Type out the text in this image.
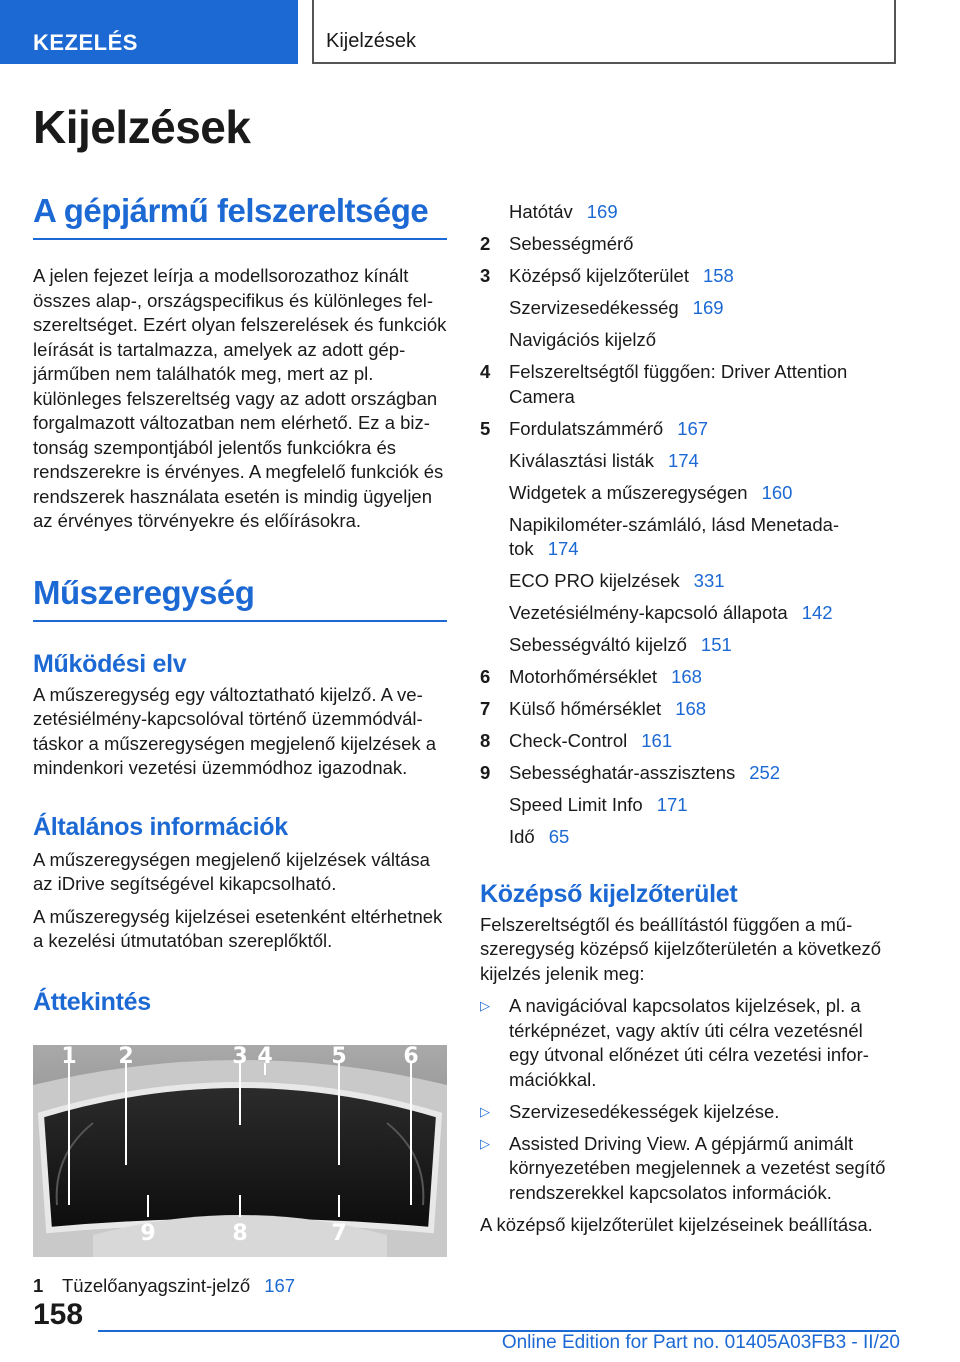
KEZELÉS	Kijelzések
Kijelzések
A gépjármű felszereltsége

A jelen fejezet leírja a modellsorozathoz kínált összes alap-, országspecifikus és különleges felszereltséget. Ezért olyan felszerelések és funkciók leírását is tartalmazza, amelyek az adott gépjárműben nem találhatók meg, mert az pl. különleges felszereltség vagy az adott országban forgalmazott változatban nem elérhető. Ez a biztonság szempontjából jelentős funkciókra és rendszerekre is érvényes. A megfelelő funkciók és rendszerek használata esetén is mindig ügyeljen az érvényes törvényekre és előírásokra.

Műszeregység
Működési elv

A műszeregység egy változtatható kijelző. A vezetésiélmény-kapcsolóval történő üzemmódváltáskor a műszeregységen megjelenő kijelzések a mindenkori vezetési üzemmódhoz igazodnak.

Általános információk

A műszeregységen megjelenő kijelzések váltása az iDrive segítségével kikapcsolható.

A műszeregység kijelzései esetenként eltérhetnek a kezelési útmutatóban szereplőktől.

Áttekintés
1 2	3 4	5	6
7
8
9
1	Tüzelőanyagszint-jelző 167
Hatótáv 169
2	Sebességmérő
3	Középső kijelzőterület 158
Szervizesedékesség 169
Navigációs kijelző
4	Felszereltségtől függően: Driver Attention Camera
5	Fordulatszámmérő 167
Kiválasztási listák 174
Widgetek a műszeregységen 160
Napikilométer-számláló, lásd Menetadatok 174
ECO PRO kijelzések 331
Vezetésiélmény-kapcsoló állapota 142
Sebességváltó kijelző 151
6	Motorhőmérséklet 168
7	Külső hőmérséklet 168
8	Check-Control 161
9	Sebességhatár-asszisztens 252
Speed Limit Info 171
Idő 65
Középső kijelzőterület

Felszereltségtől és beállítástól függően a műszeregység középső kijelzőterületén a következő kijelzés jelenik meg:

▷	A navigációval kapcsolatos kijelzések, pl. a térképnézet, vagy aktív úti célra vezetésnél egy útvonal előnézet úti célra vezetési információkkal.
▷	Szervizesedékességek kijelzése.
▷	Assisted Driving View. A gépjármű animált környezetében megjelennek a vezetést segítő rendszerekkel kapcsolatos információk.

A középső kijelzőterület kijelzéseinek beállítása.

158
Online Edition for Part no. 01405A03FB3 - II/20
